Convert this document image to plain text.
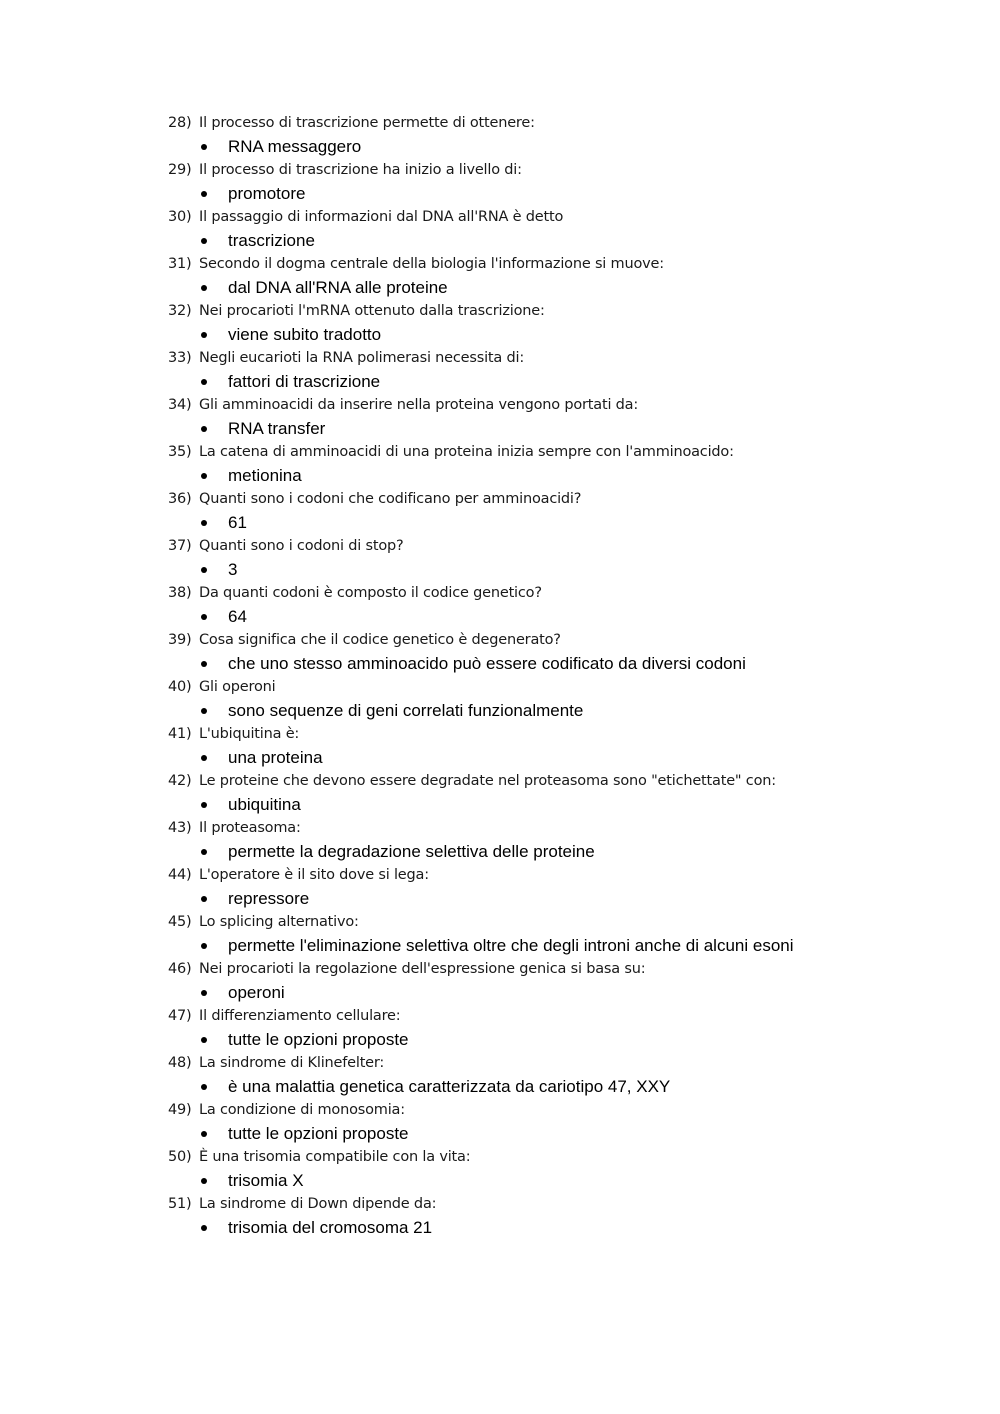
28) Il processo di trascrizione permette di ottenere:
RNA messaggero
29) Il processo di trascrizione ha inizio a livello di:
promotore
30) Il passaggio di informazioni dal DNA all'RNA è detto
trascrizione
31) Secondo il dogma centrale della biologia l'informazione si muove:
dal DNA all'RNA alle proteine
32) Nei procarioti l'mRNA ottenuto dalla trascrizione:
viene subito tradotto
33) Negli eucarioti la RNA polimerasi necessita di:
fattori di trascrizione
34) Gli amminoacidi da inserire nella proteina vengono portati da:
RNA transfer
35) La catena di amminoacidi di una proteina inizia sempre con l'amminoacido:
metionina
36) Quanti sono i codoni che codificano per amminoacidi?
61
37) Quanti sono i codoni di stop?
3
38) Da quanti codoni è composto il codice genetico?
64
39) Cosa significa che il codice genetico è degenerato?
che uno stesso amminoacido può essere codificato da diversi codoni
40) Gli operoni
sono sequenze di geni correlati funzionalmente
41) L'ubiquitina è:
una proteina
42) Le proteine che devono essere degradate nel proteasoma sono "etichettate" con:
ubiquitina
43) Il proteasoma:
permette la degradazione selettiva delle proteine
44) L'operatore è il sito dove si lega:
repressore
45) Lo splicing alternativo:
permette l'eliminazione selettiva oltre che degli introni anche di alcuni esoni
46) Nei procarioti la regolazione dell'espressione genica si basa su:
operoni
47) Il differenziamento cellulare:
tutte le opzioni proposte
48) La sindrome di Klinefelter:
è una malattia genetica caratterizzata da cariotipo 47, XXY
49) La condizione di monosomia:
tutte le opzioni proposte
50) È una trisomia compatibile con la vita:
trisomia X
51) La sindrome di Down dipende da:
trisomia del cromosoma 21
